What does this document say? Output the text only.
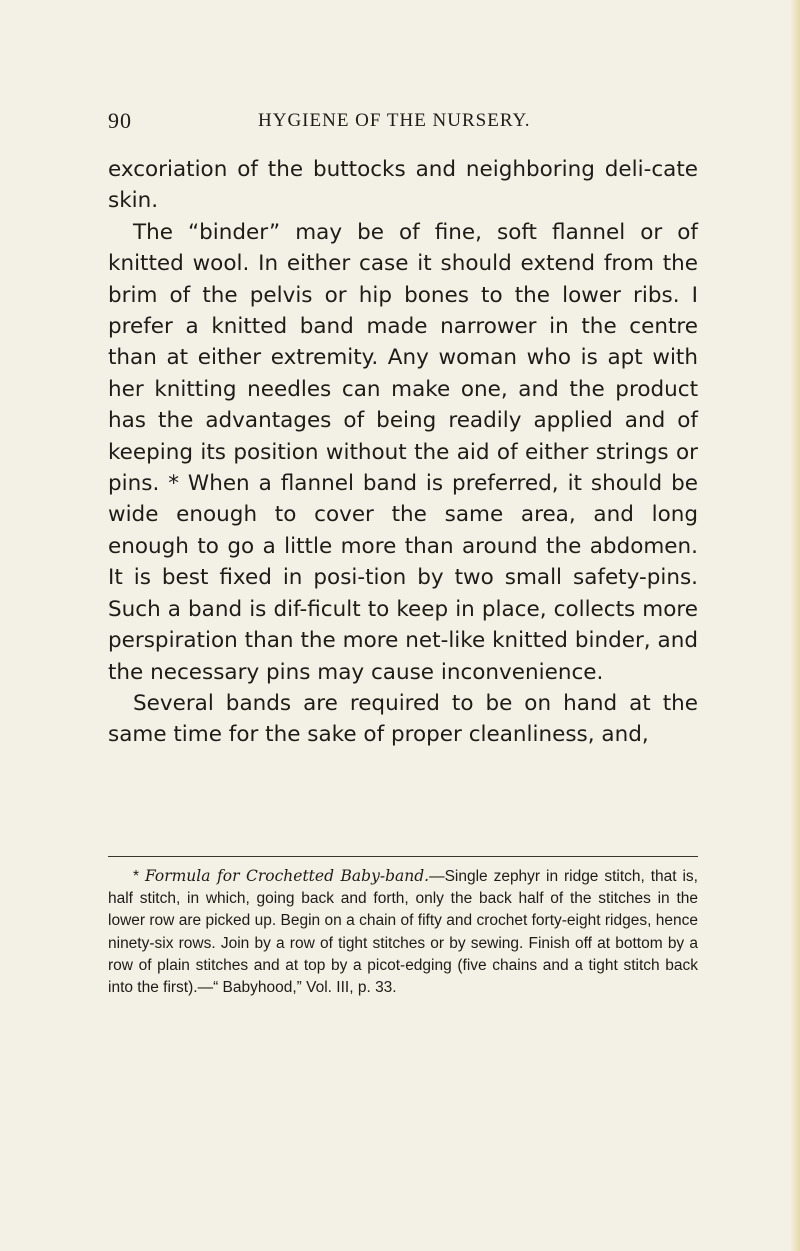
90	HYGIENE OF THE NURSERY.

excoriation of the buttocks and neighboring deli-cate skin.

The “binder” may be of fine, soft flannel or of knitted wool. In either case it should extend from the brim of the pelvis or hip bones to the lower ribs. I prefer a knitted band made narrower in the centre than at either extremity. Any woman who is apt with her knitting needles can make one, and the product has the advantages of being readily applied and of keeping its position without the aid of either strings or pins. * When a flannel band is preferred, it should be wide enough to cover the same area, and long enough to go a little more than around the abdomen. It is best fixed in posi-tion by two small safety-pins. Such a band is dif-ficult to keep in place, collects more perspiration than the more net-like knitted binder, and the necessary pins may cause inconvenience.

Several bands are required to be on hand at the same time for the sake of proper cleanliness, and,

* Formula for Crochetted Baby-band.—Single zephyr in ridge stitch, that is, half stitch, in which, going back and forth, only the back half of the stitches in the lower row are picked up. Begin on a chain of fifty and crochet forty-eight ridges, hence ninety-six rows. Join by a row of tight stitches or by sewing. Finish off at bottom by a row of plain stitches and at top by a picot-edging (five chains and a tight stitch back into the first).—“ Babyhood,” Vol. III, p. 33.
